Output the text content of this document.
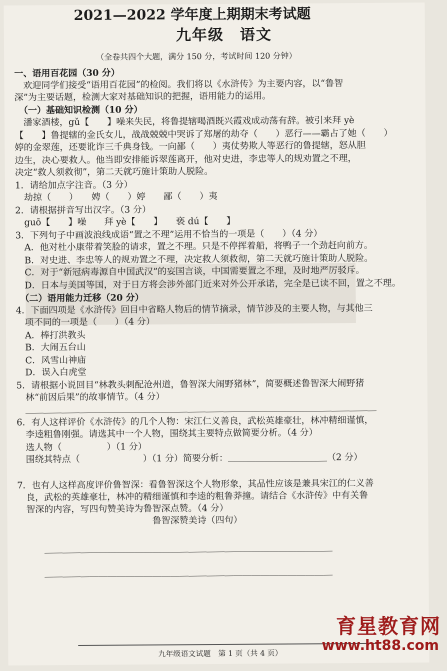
2021—2022 学年度上期期末考试题
九年级　语文
（全卷共四个大题，满分 150 分，考试时间 120 分钟）
一、语用百花园（30 分）
　欢迎同学们接受“语用百花园”的检阅。我们将以《水浒传》为主要内容，以“鲁智
深”为主要话题，检测大家对基础知识的把握，语用能力的运用。
　（一）基础知识检测（10 分）
　潘家酒楼，gǔ【　　】噪来失民，将鲁提辖喝酒既兴霞戏成动荡有辞。被引来拜 yè
【　　】鲁提辖的金氏女儿，战战兢兢中哭诉了郑屠的劫夺（　　）恶行——霸占了她（　　）
婷的金翠莲，还要讹诈三千典身钱。一向鄙（　　）夷仗势欺人等恶行的鲁提辖，怒从胆
边生，决心要救人。他当即安排能诉翠莲离开，他对史进，李忠等人的规劝置之不理，
决定“救人须救彻”，第二天就巧施计策助人脱险。
1．请给加点字注音。（3 分）
　劫掠（　　）　　娉（　　）婷　　鄙（　　）夷
2．请根据拼音写出汉字。（3 分）
　guō【　　】噪　　拜 yè【　　】　　亵 dú【　　】
3．下列句子中画波浪线成语“置之不理”运用不恰当的一项是（　　）（4 分）
　A．他对杜小康带着笑脸的请求，置之不理。只是不停挥着船，将鸭子一个劲赶向前方。
　B．对史进、李忠等人的规劝置之不理，决定救人须救彻，第二天就巧施计策助人脱险。
　C．对于“新冠病毒源自中国武汉”的妄国言谈，中国需要置之不理，及时地严厉驳斥。
　D．日本与美国等国，对于日方将会涉外部门近来对外公开承诺，完全是已读不回，置之不理。
　（二）语用能力迁移（20 分）
4．下面四项是《水浒传》回目中省略人物后的情节摘录，情节涉及的主要人物，与其他三
　项不同的一项是（　　）（4 分）
　A．棒打洪教头
　B．大闹五台山
　C．风雪山神庙
　D．误入白虎堂
5．请根据小说回目“林教头刺配沧州道，鲁智深大闹野猪林”，简要概述鲁智深大闹野猪
　林“前因后果”的故事情节。（4 分）
　＿＿＿＿＿＿＿＿＿＿＿＿＿＿＿＿＿＿＿＿＿＿＿＿＿＿＿＿＿＿＿＿＿＿＿＿＿＿＿
6．有人这样评价《水浒传》的几个人物：宋江仁义善良，武松英雄豪壮，林冲精细谨慎，
　李逵粗鲁刚强。请选其中一个人物，围绕其主要特点做简要分析。（4 分）
　选人物（　　　　　）（1 分）
　围绕其特点（　　　　　　　）（1 分）简要分析：＿＿＿＿＿＿＿＿＿＿＿（2 分）
7．也有人这样高度评价鲁智深：看鲁智深这个人物形象，其品性应该是兼具宋江的仁义善
　良，武松的英雄豪壮，林冲的精细谨慎和李逵的粗鲁莽撞。请结合《水浒传》中有关鲁
　智深的内容，写四句赞美诗为鲁智深点赞。（4 分）
　　　　　　　　　　　　　　　鲁智深赞美诗（四句）
　　　＿＿＿＿＿＿＿＿＿＿＿＿＿＿＿＿＿＿＿＿＿＿＿＿＿＿＿＿＿＿＿＿
　　　＿＿＿＿＿＿＿＿＿＿＿＿＿＿＿＿＿＿＿＿＿＿＿＿＿＿＿＿＿＿＿＿
九年级语文试题　第 1 页（共 4 页）
育星教育网
www.ht88.com
